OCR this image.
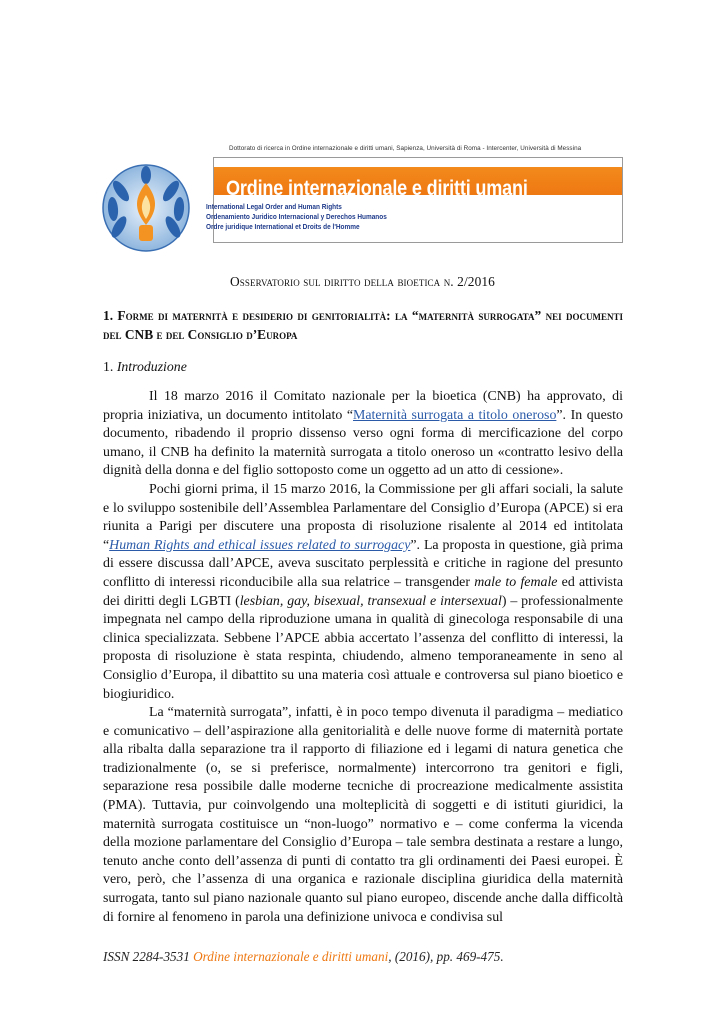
Dottorato di ricerca in Ordine internazionale e diritti umani, Sapienza, Università di Roma - Intercenter, Università di Messina
Ordine internazionale e diritti umani
International Legal Order and Human Rights
Ordenamiento Juridico Internacional y Derechos Humanos
Ordre juridique International et Droits de l'Homme
Osservatorio sul diritto della bioetica n. 2/2016
1. Forme di maternità e desiderio di genitorialità: la “maternità surrogata” nei documenti del CNB e del Consiglio d’Europa
1. Introduzione

Il 18 marzo 2016 il Comitato nazionale per la bioetica (CNB) ha approvato, di propria iniziativa, un documento intitolato “Maternità surrogata a titolo oneroso”. In questo documento, ribadendo il proprio dissenso verso ogni forma di mercificazione del corpo umano, il CNB ha definito la maternità surrogata a titolo oneroso un «contratto lesivo della dignità della donna e del figlio sottoposto come un oggetto ad un atto di cessione».

Pochi giorni prima, il 15 marzo 2016, la Commissione per gli affari sociali, la salute e lo sviluppo sostenibile dell’Assemblea Parlamentare del Consiglio d’Europa (APCE) si era riunita a Parigi per discutere una proposta di risoluzione risalente al 2014 ed intitolata “Human Rights and ethical issues related to surrogacy”. La proposta in questione, già prima di essere discussa dall’APCE, aveva suscitato perplessità e critiche in ragione del presunto conflitto di interessi riconducibile alla sua relatrice – transgender male to female ed attivista dei diritti degli LGBTI (lesbian, gay, bisexual, transexual e intersexual) – professionalmente impegnata nel campo della riproduzione umana in qualità di ginecologa responsabile di una clinica specializzata. Sebbene l’APCE abbia accertato l’assenza del conflitto di interessi, la proposta di risoluzione è stata respinta, chiudendo, almeno temporaneamente in seno al Consiglio d’Europa, il dibattito su una materia così attuale e controversa sul piano bioetico e biogiuridico.

La “maternità surrogata”, infatti, è in poco tempo divenuta il paradigma – mediatico e comunicativo – dell’aspirazione alla genitorialità e delle nuove forme di maternità portate alla ribalta dalla separazione tra il rapporto di filiazione ed i legami di natura genetica che tradizionalmente (o, se si preferisce, normalmente) intercorrono tra genitori e figli, separazione resa possibile dalle moderne tecniche di procreazione medicalmente assistita (PMA). Tuttavia, pur coinvolgendo una molteplicità di soggetti e di istituti giuridici, la maternità surrogata costituisce un “non-luogo” normativo e – come conferma la vicenda della mozione parlamentare del Consiglio d’Europa – tale sembra destinata a restare a lungo, tenuto anche conto dell’assenza di punti di contatto tra gli ordinamenti dei Paesi europei. È vero, però, che l’assenza di una organica e razionale disciplina giuridica della maternità surrogata, tanto sul piano nazionale quanto sul piano europeo, discende anche dalla difficoltà di fornire al fenomeno in parola una definizione univoca e condivisa sul

ISSN 2284-3531 Ordine internazionale e diritti umani, (2016), pp. 469-475.
